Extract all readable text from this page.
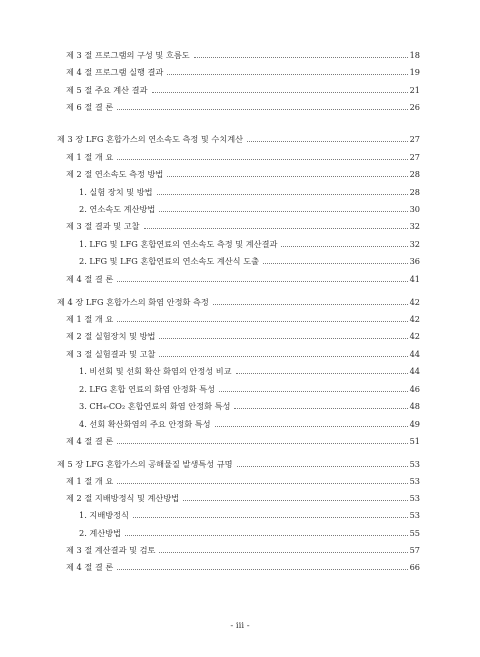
제 3 절 프로그램의 구성 및 흐름도	18
제 4 절 프로그램 실행 결과	19
제 5 절 주요 계산 결과	21
제 6 절 결 론	26
제 3 장 LFG 혼합가스의 연소속도 측정 및 수치계산	27
제 1 절 개 요	27
제 2 절 연소속도 측정 방법	28
1. 실험 장치 및 방법	28
2. 연소속도 계산방법	30
제 3 절 결과 및 고찰	32
1. LFG 및 LFG 혼합연료의 연소속도 측정 및 계산결과	32
2. LFG 및 LFG 혼합연료의 연소속도 계산식 도출	36
제 4 절 결 론	41
제 4 장 LFG 혼합가스의 화염 안정화 측정	42
제 1 절 개 요	42
제 2 절 실험장치 및 방법	42
제 3 절 실험결과 및 고찰	44
1. 비선회 및 선회 확산 화염의 안정성 비교	44
2. LFG 혼합 연료의 화염 안정화 특성	46
3. CH₄-CO₂ 혼합연료의 화염 안정화 특성	48
4. 선회 확산화염의 주요 안정화 특성	49
제 4 절 결 론	51
제 5 장 LFG 혼합가스의 공해물질 발생특성 규명	53
제 1 절 개 요	53
제 2 절 지배방정식 및 계산방법	53
1. 지배방정식	53
2. 계산방법	55
제 3 절 계산결과 및 검토	57
제 4 절 결 론	66
- iii -
